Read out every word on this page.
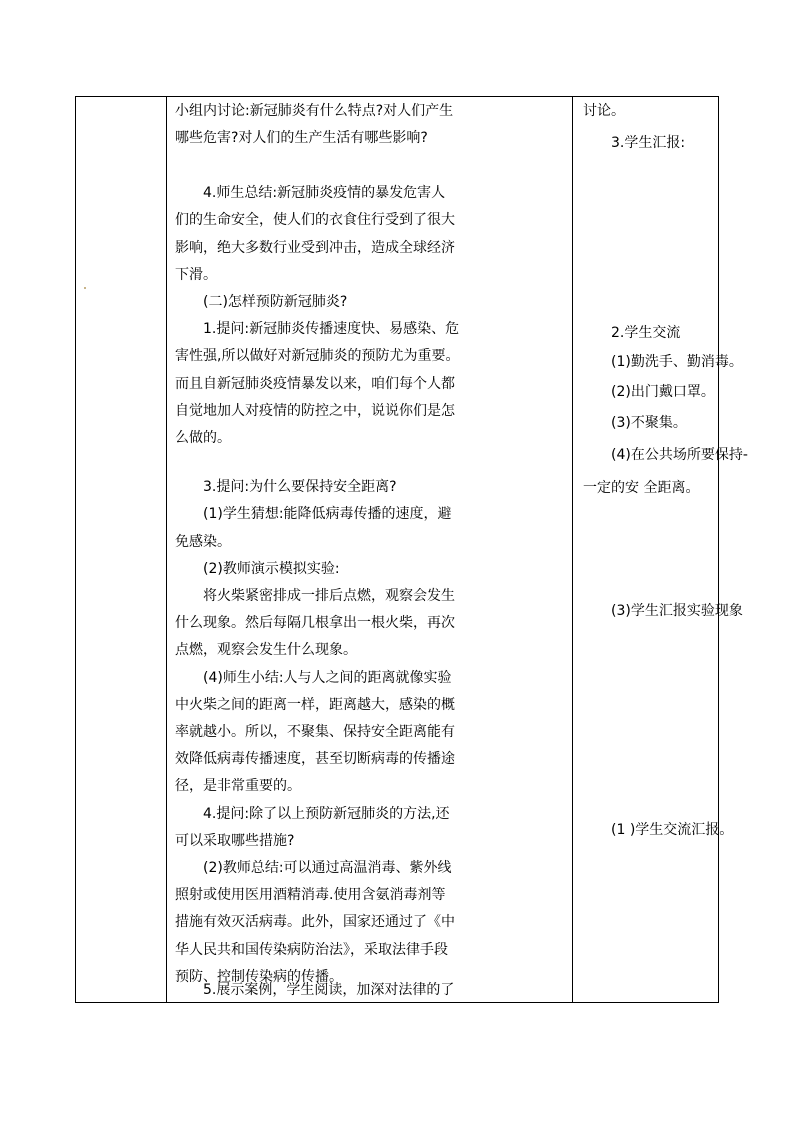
小组内讨论:新冠肺炎有什么特点?对人们产生

哪些危害?对人们的生产生活有哪些影响?

4.师生总结:新冠肺炎疫情的暴发危害人

们的生命安全，使人们的衣食住行受到了很大

影响，绝大多数行业受到冲击，造成全球经济

下滑。

(二)怎样预防新冠肺炎?

1.提问:新冠肺炎传播速度快、易感染、危

害性强,所以做好对新冠肺炎的预防尤为重要。

而且自新冠肺炎疫情暴发以来，咱们每个人都

自觉地加人对疫情的防控之中，说说你们是怎

么做的。

3.提问:为什么要保持安全距离?

(1)学生猜想:能降低病毒传播的速度，避

免感染。

(2)教师演示模拟实验:

将火柴紧密排成一排后点燃，观察会发生

什么现象。然后每隔几根拿出一根火柴，再次

点燃，观察会发生什么现象。

(4)师生小结:人与人之间的距离就像实验

中火柴之间的距离一样，距离越大，感染的概

率就越小。所以，不聚集、保持安全距离能有

效降低病毒传播速度，甚至切断病毒的传播途

径，是非常重要的。

4.提问:除了以上预防新冠肺炎的方法,还

可以采取哪些措施?

(2)教师总结:可以通过高温消毒、紫外线

照射或使用医用酒精消毒.使用含氨消毒剂等

措施有效灭活病毒。此外，国家还通过了《中

华人民共和国传染病防治法》，采取法律手段

预防、控制传染病的传播。

5.展示案例，学生阅读，加深对法律的了

讨论。

3.学生汇报:

2.学生交流

(1)勤洗手、勤消毒。

(2)出门戴口罩。

(3)不聚集。

(4)在公共场所要保持-

一定的安 全距离。

(3)学生汇报实验现象

(1 )学生交流汇报。
